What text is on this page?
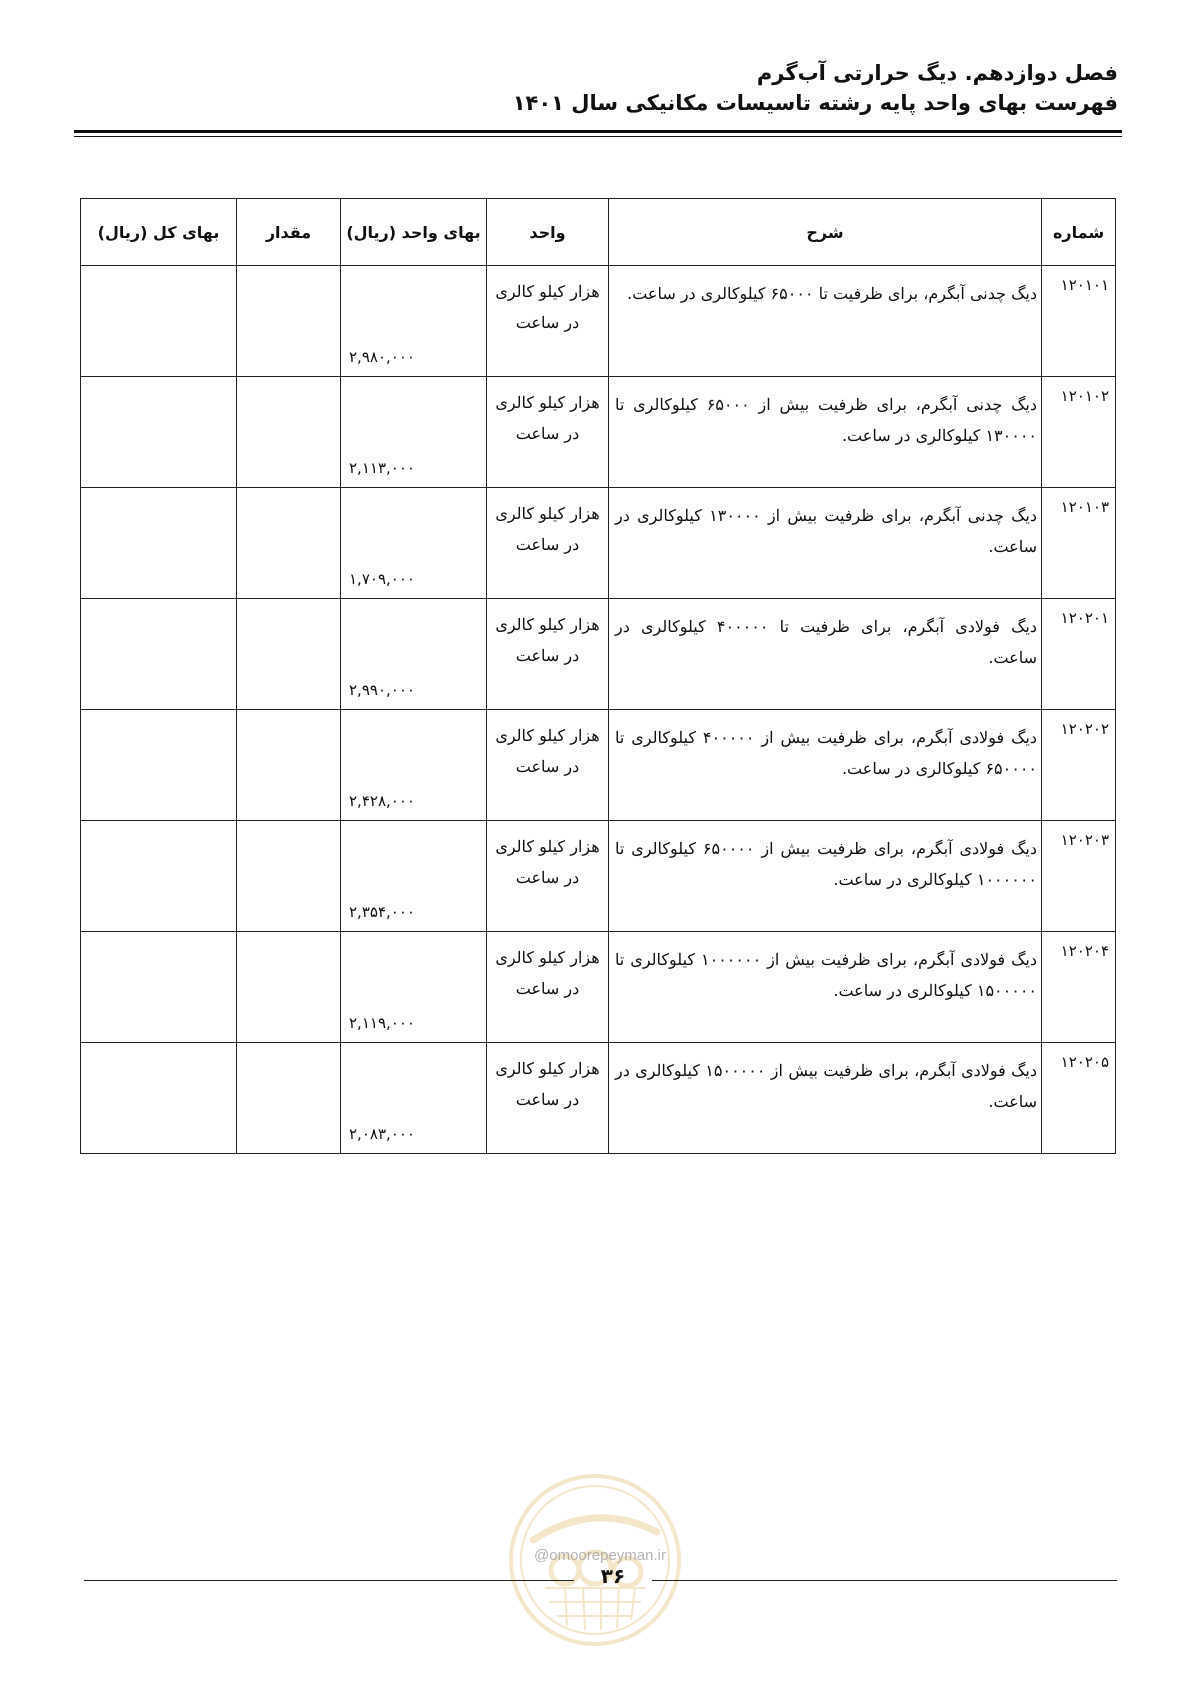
فصل دوازدهم. دیگ حرارتی آب‌گرم
فهرست بهای واحد پایه رشته تاسیسات مکانیکی سال ۱۴۰۱
شماره	شرح	واحد	بهای واحد (ریال)	مقدار	بهای کل (ریال)
۱۲۰۱۰۱	دیگ چدنی آبگرم، برای ظرفیت تا ۶۵۰۰۰ کیلوکالری در ساعت.	هزار کیلو کالری در ساعت	۲,۹۸۰,۰۰۰		
۱۲۰۱۰۲	دیگ چدنی آبگرم، برای ظرفیت بیش از ۶۵۰۰۰ کیلوکالری تا ۱۳۰۰۰۰ کیلوکالری در ساعت.	هزار کیلو کالری در ساعت	۲,۱۱۳,۰۰۰		
۱۲۰۱۰۳	دیگ چدنی آبگرم، برای ظرفیت بیش از ۱۳۰۰۰۰ کیلوکالری در ساعت.	هزار کیلو کالری در ساعت	۱,۷۰۹,۰۰۰		
۱۲۰۲۰۱	دیگ فولادی آبگرم، برای ظرفیت تا ۴۰۰۰۰۰ کیلوکالری در ساعت.	هزار کیلو کالری در ساعت	۲,۹۹۰,۰۰۰		
۱۲۰۲۰۲	دیگ فولادی آبگرم، برای ظرفیت بیش از ۴۰۰۰۰۰ کیلوکالری تا ۶۵۰۰۰۰ کیلوکالری در ساعت.	هزار کیلو کالری در ساعت	۲,۴۲۸,۰۰۰		
۱۲۰۲۰۳	دیگ فولادی آبگرم، برای ظرفیت بیش از ۶۵۰۰۰۰ کیلوکالری تا ۱۰۰۰۰۰۰ کیلوکالری در ساعت.	هزار کیلو کالری در ساعت	۲,۳۵۴,۰۰۰		
۱۲۰۲۰۴	دیگ فولادی آبگرم، برای ظرفیت بیش از ۱۰۰۰۰۰۰ کیلوکالری تا ۱۵۰۰۰۰۰ کیلوکالری در ساعت.	هزار کیلو کالری در ساعت	۲,۱۱۹,۰۰۰		
۱۲۰۲۰۵	دیگ فولادی آبگرم، برای ظرفیت بیش از ۱۵۰۰۰۰۰ کیلوکالری در ساعت.	هزار کیلو کالری در ساعت	۲,۰۸۳,۰۰۰		
@omoorepeyman.ir
۳۶
